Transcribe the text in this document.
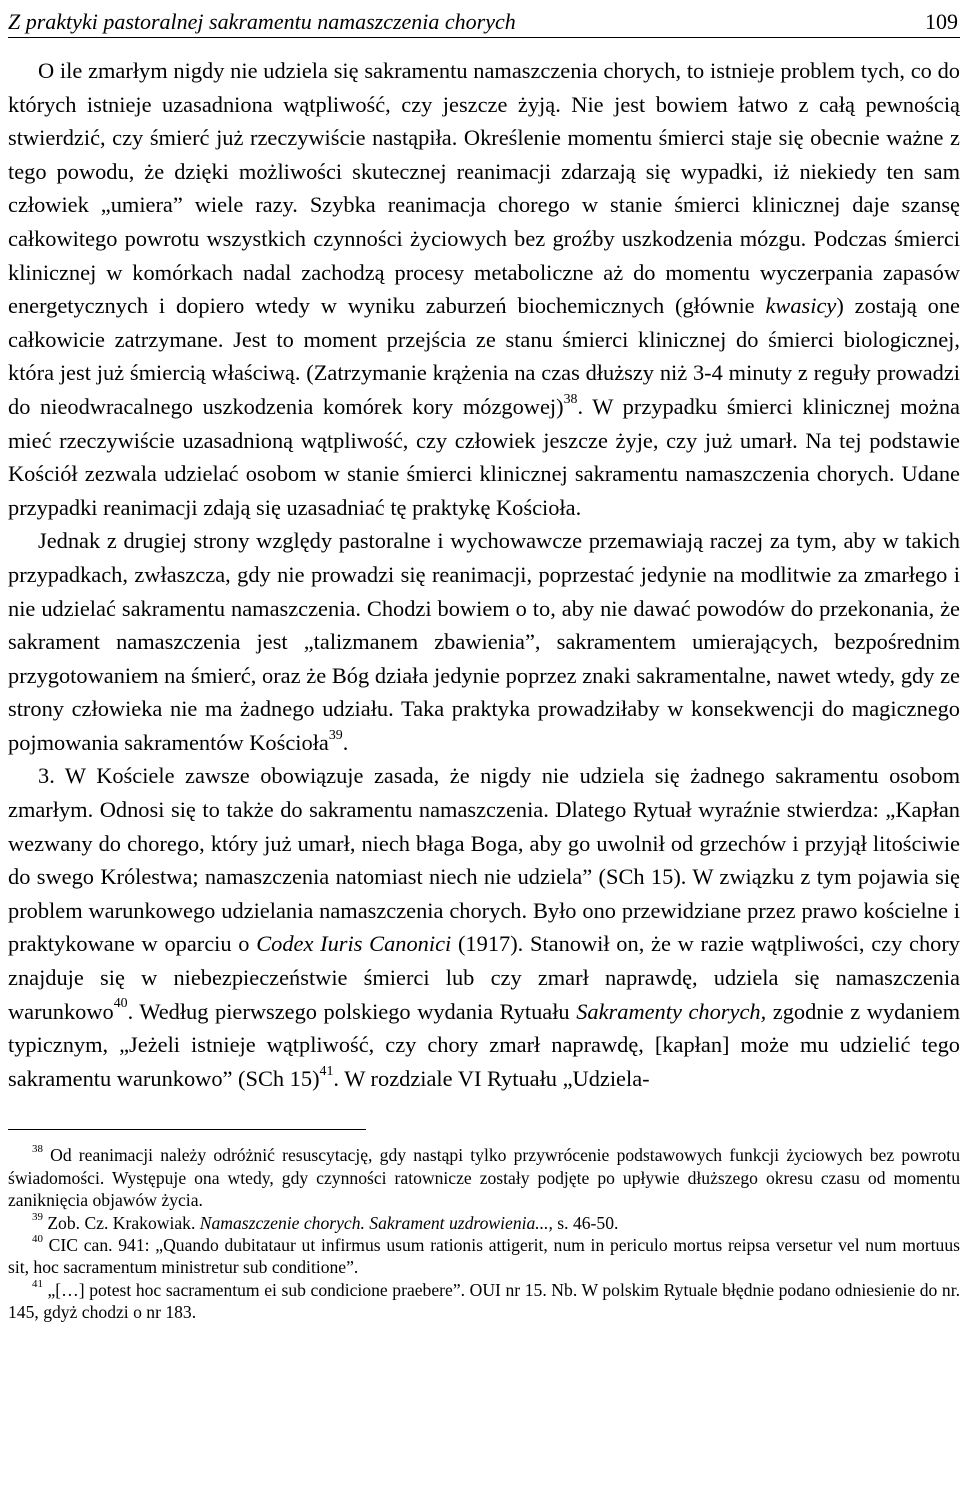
Z praktyki pastoralnej sakramentu namaszczenia chorych	109

O ile zmarłym nigdy nie udziela się sakramentu namaszczenia chorych, to istnieje problem tych, co do których istnieje uzasadniona wątpliwość, czy jeszcze żyją. Nie jest bowiem łatwo z całą pewnością stwierdzić, czy śmierć już rzeczywiście nastąpiła. Określenie momentu śmierci staje się obecnie ważne z tego powodu, że dzięki możliwości skutecznej reanimacji zdarzają się wypadki, iż niekiedy ten sam człowiek „umiera” wiele razy. Szybka reanimacja chorego w stanie śmierci klinicznej daje szansę całkowitego powrotu wszystkich czynności życiowych bez groźby uszkodzenia mózgu. Podczas śmierci klinicznej w komórkach nadal zachodzą procesy metaboliczne aż do momentu wyczerpania zapasów energetycznych i dopiero wtedy w wyniku zaburzeń biochemicznych (głównie kwasicy) zostają one całkowicie zatrzymane. Jest to moment przejścia ze stanu śmierci klinicznej do śmierci biologicznej, która jest już śmiercią właściwą. (Zatrzymanie krążenia na czas dłuższy niż 3-4 minuty z reguły prowadzi do nieodwracalnego uszkodzenia komórek kory mózgowej)$^{38}$. W przypadku śmierci klinicznej można mieć rzeczywiście uzasadnioną wątpliwość, czy człowiek jeszcze żyje, czy już umarł. Na tej podstawie Kościół zezwala udzielać osobom w stanie śmierci klinicznej sakramentu namaszczenia chorych. Udane przypadki reanimacji zdają się uzasadniać tę praktykę Kościoła.

Jednak z drugiej strony względy pastoralne i wychowawcze przemawiają raczej za tym, aby w takich przypadkach, zwłaszcza, gdy nie prowadzi się reanimacji, poprzestać jedynie na modlitwie za zmarłego i nie udzielać sakramentu namaszczenia. Chodzi bowiem o to, aby nie dawać powodów do przekonania, że sakrament namaszczenia jest „talizmanem zbawienia”, sakramentem umierających, bezpośrednim przygotowaniem na śmierć, oraz że Bóg działa jedynie poprzez znaki sakramentalne, nawet wtedy, gdy ze strony człowieka nie ma żadnego udziału. Taka praktyka prowadziłaby w konsekwencji do magicznego pojmowania sakramentów Kościoła$^{39}$.

3. W Kościele zawsze obowiązuje zasada, że nigdy nie udziela się żadnego sakramentu osobom zmarłym. Odnosi się to także do sakramentu namaszczenia. Dlatego Rytuał wyraźnie stwierdza: „Kapłan wezwany do chorego, który już umarł, niech błaga Boga, aby go uwolnił od grzechów i przyjął litościwie do swego Królestwa; namaszczenia natomiast niech nie udziela” (SCh 15). W związku z tym pojawia się problem warunkowego udzielania namaszczenia chorych. Było ono przewidziane przez prawo kościelne i praktykowane w oparciu o Codex Iuris Canonici (1917). Stanowił on, że w razie wątpliwości, czy chory znajduje się w niebezpieczeństwie śmierci lub czy zmarł naprawdę, udziela się namaszczenia warunkowo$^{40}$. Według pierwszego polskiego wydania Rytuału Sakramenty chorych, zgodnie z wydaniem typicznym, „Jeżeli istnieje wątpliwość, czy chory zmarł naprawdę, [kapłan] może mu udzielić tego sakramentu warunkowo” (SCh 15)$^{41}$. W rozdziale VI Rytuału „Udziela-

$^{38}$ Od reanimacji należy odróżnić resuscytację, gdy nastąpi tylko przywrócenie podstawowych funkcji życiowych bez powrotu świadomości. Występuje ona wtedy, gdy czynności ratownicze zostały podjęte po upływie dłuższego okresu czasu od momentu zaniknięcia objawów życia.

$^{39}$ Zob. Cz. Krakowiak. Namaszczenie chorych. Sakrament uzdrowienia..., s. 46-50.

$^{40}$ CIC can. 941: „Quando dubitataur ut infirmus usum rationis attigerit, num in periculo mortus reipsa versetur vel num mortuus sit, hoc sacramentum ministretur sub conditione”.

$^{41}$ „[…] potest hoc sacramentum ei sub condicione praebere”. OUI nr 15. Nb. W polskim Rytuale błędnie podano odniesienie do nr. 145, gdyż chodzi o nr 183.
